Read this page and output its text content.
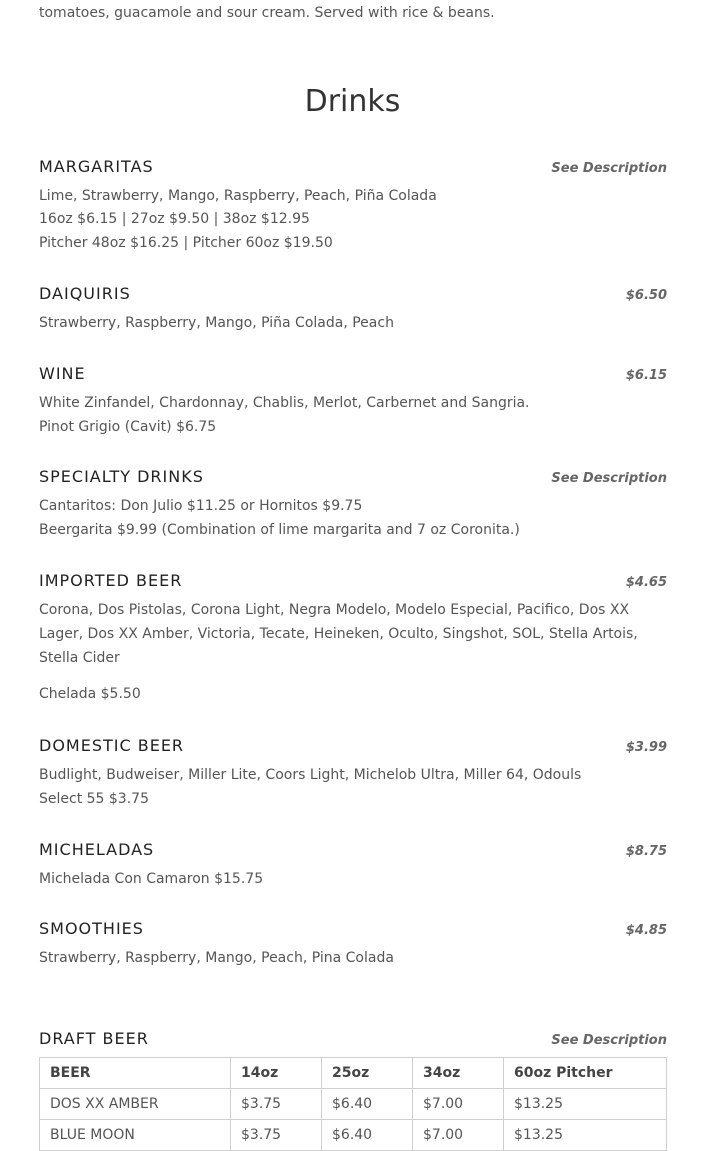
tomatoes, guacamole and sour cream. Served with rice & beans.
Drinks
MARGARITAS	See Description
Lime, Strawberry, Mango, Raspberry, Peach, Piña Colada
16oz $6.15 | 27oz $9.50 | 38oz $12.95
Pitcher 48oz $16.25 | Pitcher 60oz $19.50
DAIQUIRIS	$6.50
Strawberry, Raspberry, Mango, Piña Colada, Peach
WINE	$6.15
White Zinfandel, Chardonnay, Chablis, Merlot, Carbernet and Sangria.
Pinot Grigio (Cavit) $6.75
SPECIALTY DRINKS	See Description
Cantaritos: Don Julio $11.25 or Hornitos $9.75
Beergarita $9.99 (Combination of lime margarita and 7 oz Coronita.)
IMPORTED BEER	$4.65
Corona, Dos Pistolas, Corona Light, Negra Modelo, Modelo Especial, Pacifico, Dos XX
Lager, Dos XX Amber, Victoria, Tecate, Heineken, Oculto, Singshot, SOL, Stella Artois,
Stella Cider
Chelada $5.50
DOMESTIC BEER	$3.99
Budlight, Budweiser, Miller Lite, Coors Light, Michelob Ultra, Miller 64, Odouls
Select 55 $3.75
MICHELADAS	$8.75
Michelada Con Camaron $15.75
SMOOTHIES	$4.85
Strawberry, Raspberry, Mango, Peach, Pina Colada
DRAFT BEER	See Description
BEER	14oz	25oz	34oz	60oz Pitcher
DOS XX AMBER	$3.75	$6.40	$7.00	$13.25
BLUE MOON	$3.75	$6.40	$7.00	$13.25
